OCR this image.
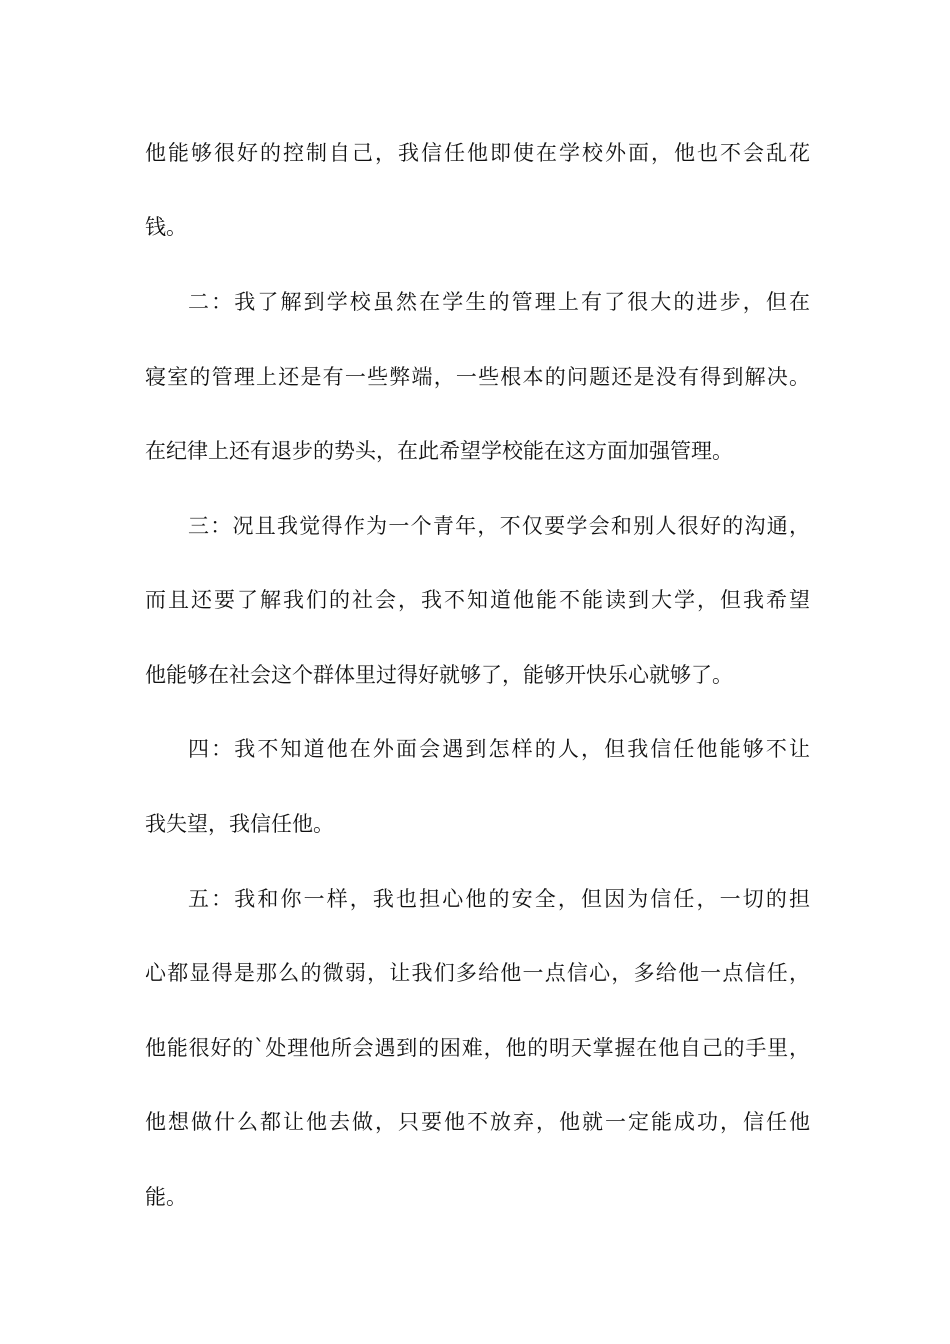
他能够很好的控制自己，我信任他即使在学校外面，他也不会乱花
钱。
二：我了解到学校虽然在学生的管理上有了很大的进步，但在
寝室的管理上还是有一些弊端，一些根本的问题还是没有得到解决。
在纪律上还有退步的势头，在此希望学校能在这方面加强管理。
三：况且我觉得作为一个青年，不仅要学会和别人很好的沟通，
而且还要了解我们的社会，我不知道他能不能读到大学，但我希望
他能够在社会这个群体里过得好就够了，能够开快乐心就够了。
四：我不知道他在外面会遇到怎样的人，但我信任他能够不让
我失望，我信任他。
五：我和你一样，我也担心他的安全，但因为信任，一切的担
心都显得是那么的微弱，让我们多给他一点信心，多给他一点信任，
他能很好的`处理他所会遇到的困难，他的明天掌握在他自己的手里，
他想做什么都让他去做，只要他不放弃，他就一定能成功，信任他
能。
